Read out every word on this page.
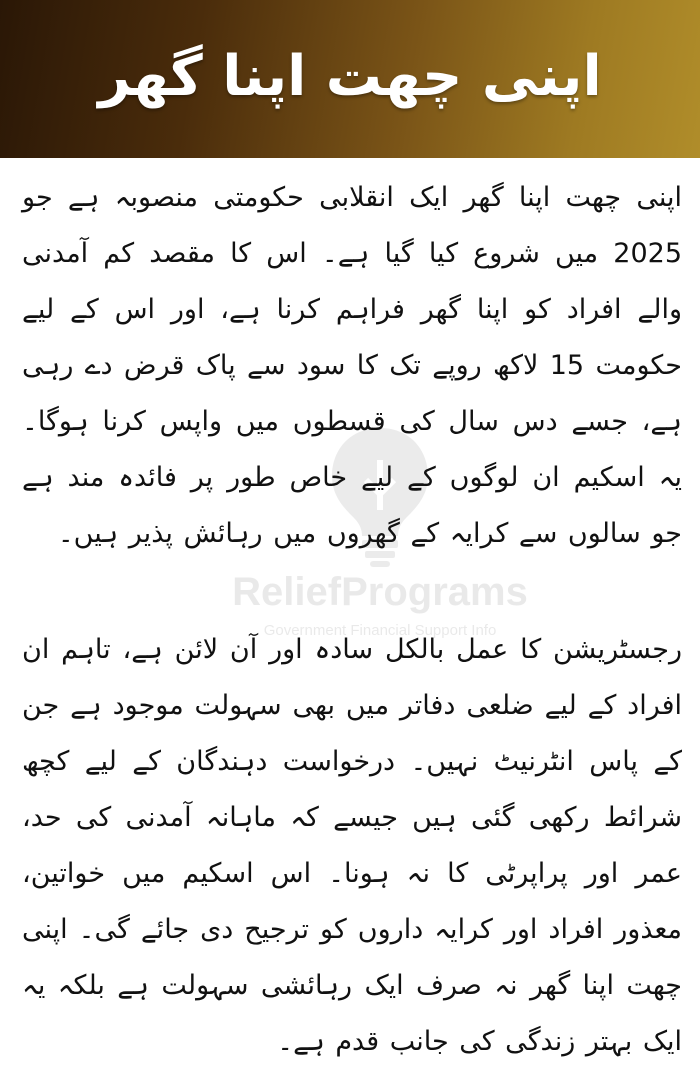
اپنی چھت اپنا گھر
ReliefPrograms
Government Financial Support Info

اپنی چھت اپنا گھر ایک انقلابی حکومتی منصوبہ ہے جو 2025 میں شروع کیا گیا ہے۔ اس کا مقصد کم آمدنی والے افراد کو اپنا گھر فراہم کرنا ہے، اور اس کے لیے حکومت 15 لاکھ روپے تک کا سود سے پاک قرض دے رہی ہے، جسے دس سال کی قسطوں میں واپس کرنا ہوگا۔ یہ اسکیم ان لوگوں کے لیے خاص طور پر فائدہ مند ہے جو سالوں سے کرایہ کے گھروں میں رہائش پذیر ہیں۔

رجسٹریشن کا عمل بالکل سادہ اور آن لائن ہے، تاہم ان افراد کے لیے ضلعی دفاتر میں بھی سہولت موجود ہے جن کے پاس انٹرنیٹ نہیں۔ درخواست دہندگان کے لیے کچھ شرائط رکھی گئی ہیں جیسے کہ ماہانہ آمدنی کی حد، عمر اور پراپرٹی کا نہ ہونا۔ اس اسکیم میں خواتین، معذور افراد اور کرایہ داروں کو ترجیح دی جائے گی۔ اپنی چھت اپنا گھر نہ صرف ایک رہائشی سہولت ہے بلکہ یہ ایک بہتر زندگی کی جانب قدم ہے۔
